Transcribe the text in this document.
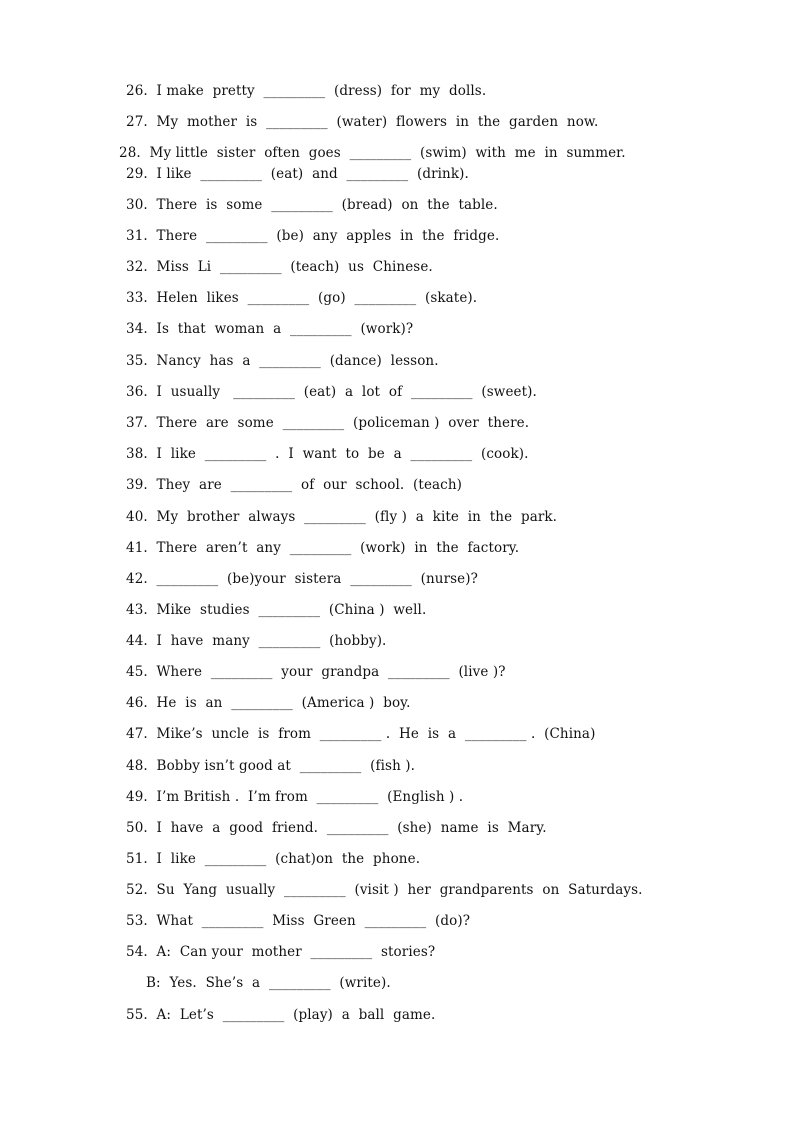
26.  I make  pretty  _________  (dress)  for  my  dolls.
27.  My  mother  is  _________  (water)  flowers  in  the  garden  now.
28.  My little  sister  often  goes  _________  (swim)  with  me  in  summer.
29.  I like  _________  (eat)  and  _________  (drink).
30.  There  is  some  _________  (bread)  on  the  table.
31.  There  _________  (be)  any  apples  in  the  fridge.
32.  Miss  Li  _________  (teach)  us  Chinese.
33.  Helen  likes  _________  (go)  _________  (skate).
34.  Is  that  woman  a  _________  (work)?
35.  Nancy  has  a  _________  (dance)  lesson.
36.  I  usually   _________  (eat)  a  lot  of  _________  (sweet).
37.  There  are  some  _________  (policeman )  over  there.
38.  I  like  _________  .  I  want  to  be  a  _________  (cook).
39.  They  are  _________  of  our  school.  (teach)
40.  My  brother  always  _________  (fly )  a  kite  in  the  park.
41.  There  aren’t  any  _________  (work)  in  the  factory.
42.  _________  (be)your  sistera  _________  (nurse)?
43.  Mike  studies  _________  (China )  well.
44.  I  have  many  _________  (hobby).
45.  Where  _________  your  grandpa  _________  (live )?
46.  He  is  an  _________  (America )  boy.
47.  Mike’s  uncle  is  from  _________ .  He  is  a  _________ .  (China)
48.  Bobby isn’t good at  _________  (fish ).
49.  I’m British .  I’m from  _________  (English ) .
50.  I  have  a  good  friend.  _________  (she)  name  is  Mary.
51.  I  like  _________  (chat)on  the  phone.
52.  Su  Yang  usually  _________  (visit )  her  grandparents  on  Saturdays.
53.  What  _________  Miss  Green  _________  (do)?
54.  A:  Can your  mother  _________  stories?
B:  Yes.  She’s  a  _________  (write).
55.  A:  Let’s  _________  (play)  a  ball  game.
